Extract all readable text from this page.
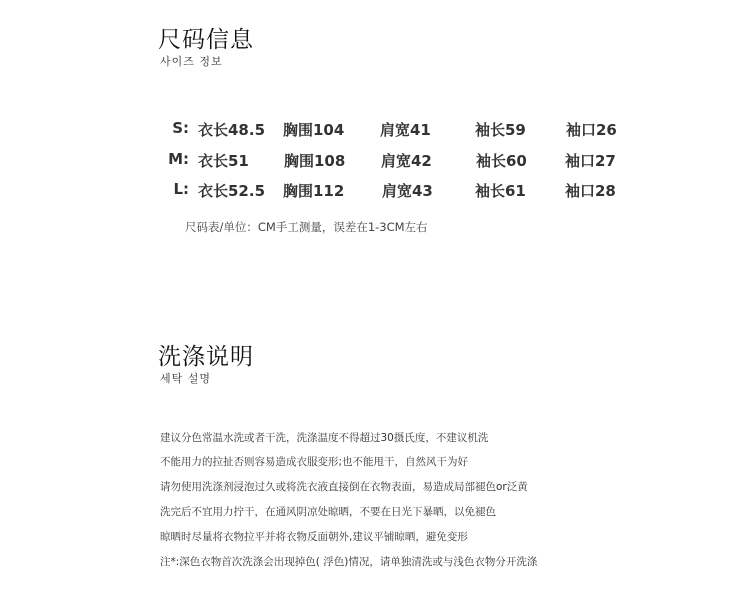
尺码信息
사이즈 정보
S: 衣长48.5 胸围104 肩宽41	袖长59	袖口26
M: 衣长51 胸围108 肩宽42	袖长60	袖口27
L: 衣长52.5 胸围112	肩宽43	袖长61	袖口28
尺码表/单位：CM手工测量，误差在1-3CM左右
洗涤说明
세탁 설명
建议分色常温水洗或者干洗，洗涤温度不得超过30摄氏度，不建议机洗
不能用力的拉扯否则容易造成衣服变形;也不能甩干，自然风干为好
请勿使用洗涤剂浸泡过久或将洗衣液直接倒在衣物表面，易造成局部褪色or泛黄
洗完后不宜用力拧干，在通风阴凉处晾晒，不要在日光下暴晒，以免褪色
晾晒时尽量将衣物拉平并将衣物反面朝外,建议平铺晾晒，避免变形
注*:深色衣物首次洗涤会出现掉色( 浮色)情况，请单独清洗或与浅色衣物分开洗涤
